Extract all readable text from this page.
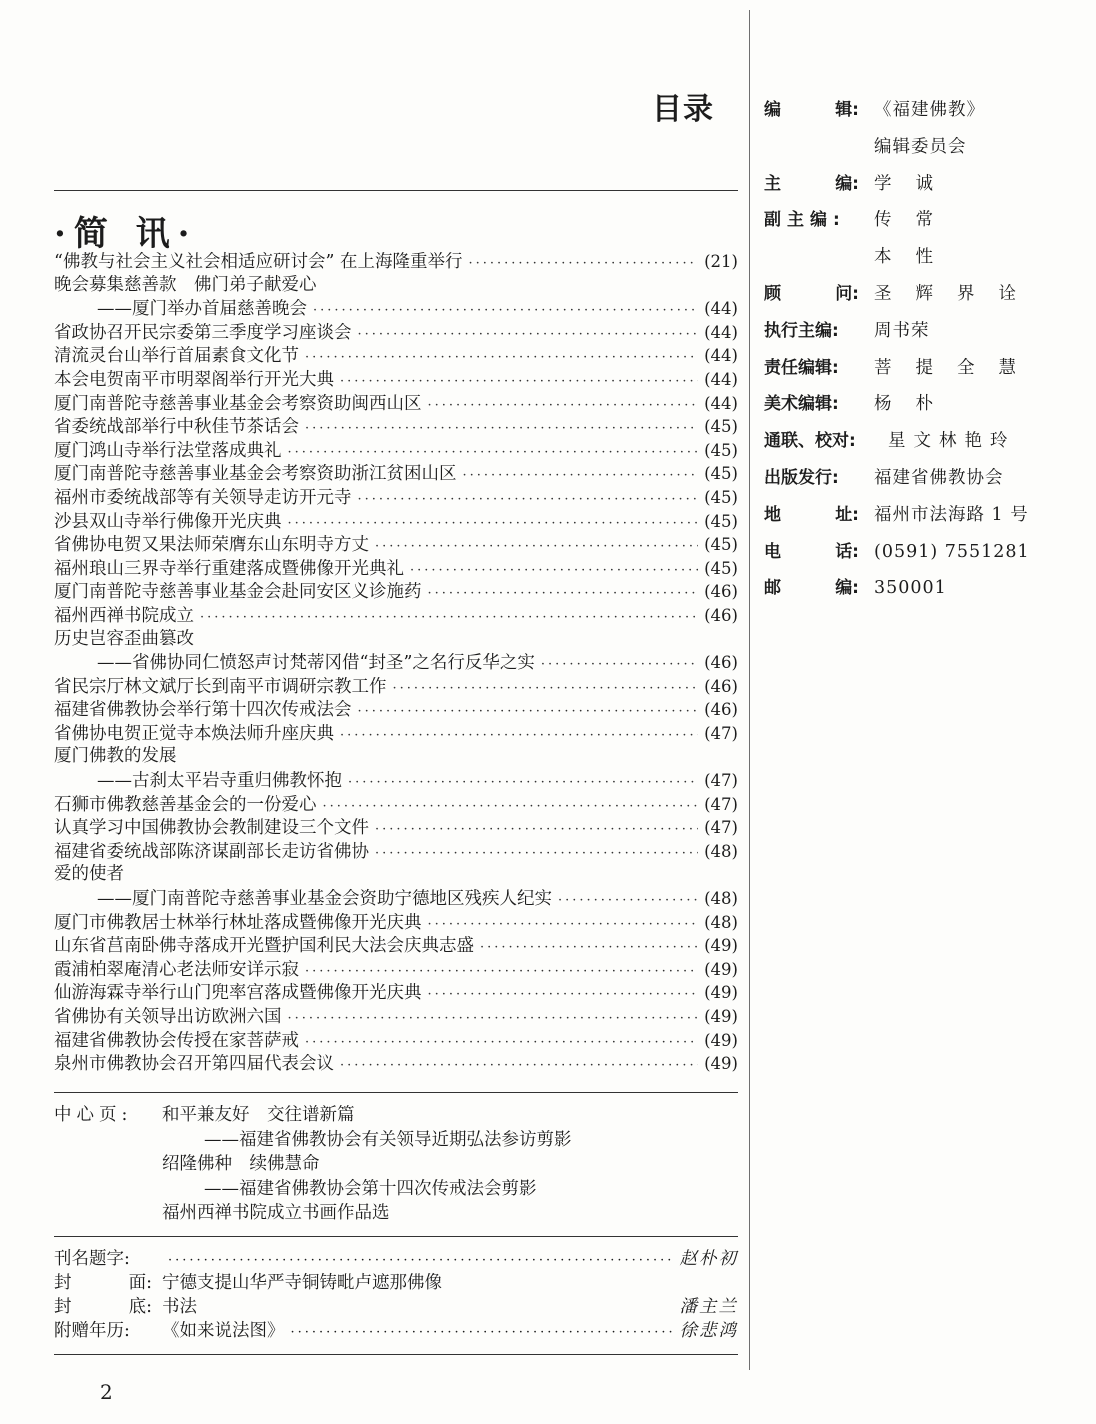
目录
·简 讯·
“佛教与社会主义社会相适应研讨会” 在上海隆重举行 ·····	(21)
晚会募集慈善款　佛门弟子献爱心
——厦门举办首届慈善晚会 ·····	(44)
省政协召开民宗委第三季度学习座谈会 ·····	(44)
清流灵台山举行首届素食文化节 ·····	(44)
本会电贺南平市明翠阁举行开光大典 ·····	(44)
厦门南普陀寺慈善事业基金会考察资助闽西山区 ·····	(44)
省委统战部举行中秋佳节茶话会 ·····	(45)
厦门鸿山寺举行法堂落成典礼 ·····	(45)
厦门南普陀寺慈善事业基金会考察资助浙江贫困山区 ·····	(45)
福州市委统战部等有关领导走访开元寺 ·····	(45)
沙县双山寺举行佛像开光庆典 ·····	(45)
省佛协电贺又果法师荣膺东山东明寺方丈 ·····	(45)
福州琅山三界寺举行重建落成暨佛像开光典礼 ·····	(45)
厦门南普陀寺慈善事业基金会赴同安区义诊施药 ·····	(46)
福州西禅书院成立 ·····	(46)
历史岂容歪曲篡改
——省佛协同仁愤怒声讨梵蒂冈借“封圣”之名行反华之实 ·····	(46)
省民宗厅林文斌厅长到南平市调研宗教工作 ·····	(46)
福建省佛教协会举行第十四次传戒法会 ·····	(46)
省佛协电贺正觉寺本焕法师升座庆典 ·····	(47)
厦门佛教的发展
——古刹太平岩寺重归佛教怀抱 ·····	(47)
石狮市佛教慈善基金会的一份爱心 ·····	(47)
认真学习中国佛教协会教制建设三个文件 ·····	(47)
福建省委统战部陈济谋副部长走访省佛协 ·····	(48)
爱的使者
——厦门南普陀寺慈善事业基金会资助宁德地区残疾人纪实 ·····	(48)
厦门市佛教居士林举行林址落成暨佛像开光庆典 ·····	(48)
山东省莒南卧佛寺落成开光暨护国利民大法会庆典志盛 ·····	(49)
霞浦柏翠庵清心老法师安详示寂 ·····	(49)
仙游海霖寺举行山门兜率宫落成暨佛像开光庆典 ·····	(49)
省佛协有关领导出访欧洲六国 ·····	(49)
福建省佛教协会传授在家菩萨戒 ·····	(49)
泉州市佛教协会召开第四届代表会议 ·····	(49)
中心页: 和平兼友好　交往谱新篇
——福建省佛教协会有关领导近期弘法参访剪影
绍隆佛种　续佛慧命
——福建省佛教协会第十四次传戒法会剪影
福州西禅书院成立书画作品选
刊名题字: ·····	赵朴初
封	面: 宁德支提山华严寺铜铸毗卢遮那佛像
封	底: 书法	潘主兰
附赠年历:	《如来说法图》 ·····	徐悲鸿
2
编	辑: 《福建佛教》
编辑委员会
主	编: 学诚
副主编:	传常
本性
顾	问: 圣辉界诠
执行主编:	周书荣
责任编辑:	菩提全慧
美术编辑:	杨朴
通联、校对:	星文林艳玲
出版发行:	福建省佛教协会
地	址: 福州市法海路 1 号
电	话: (0591) 7551281
邮	编: 350001
